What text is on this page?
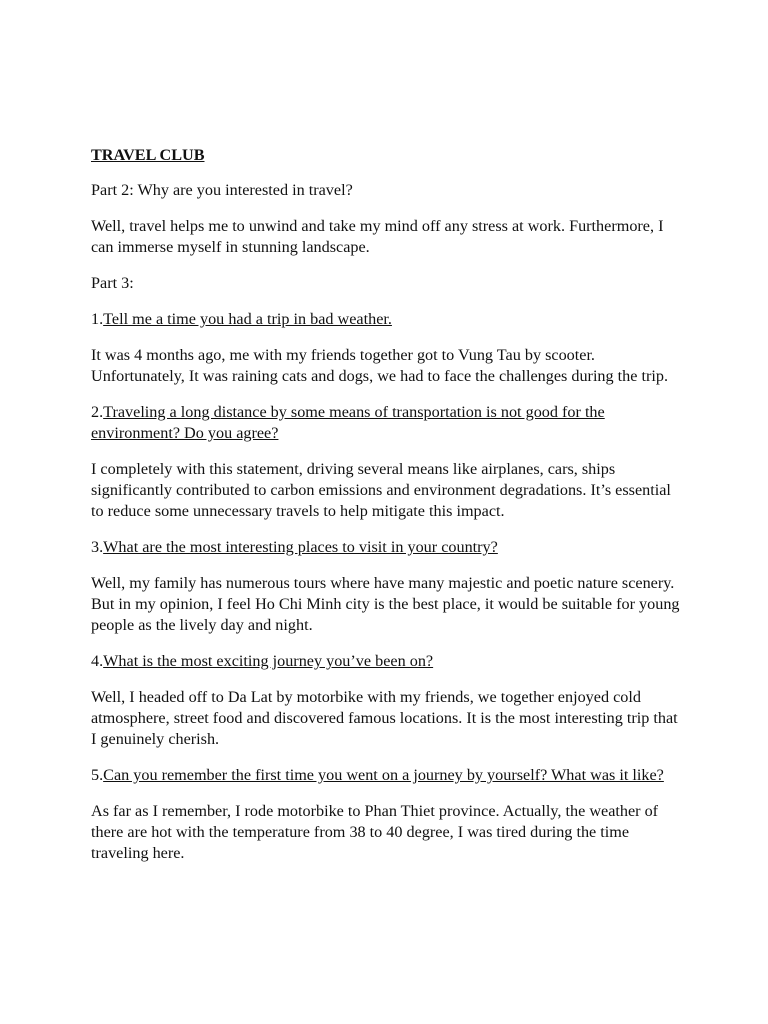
TRAVEL CLUB

Part 2: Why are you interested in travel?

Well, travel helps me to unwind and take my mind off any stress at work. Furthermore, I can immerse myself in stunning landscape.

Part 3:

1.Tell me a time you had a trip in bad weather.

It was 4 months ago, me with my friends together got to Vung Tau by scooter. Unfortunately, It was raining cats and dogs, we had to face the challenges during the trip.

2.Traveling a long distance by some means of transportation is not good for the environment? Do you agree?

I completely with this statement, driving several means like airplanes, cars, ships significantly contributed to carbon emissions and environment degradations. It’s essential to reduce some unnecessary travels to help mitigate this impact.

3.What are the most interesting places to visit in your country?

Well, my family has numerous tours where have many majestic and poetic nature scenery. But in my opinion, I feel Ho Chi Minh city is the best place, it would be suitable for young people as the lively day and night.

4.What is the most exciting journey you’ve been on?

Well, I headed off to Da Lat by motorbike with my friends, we together enjoyed cold atmosphere, street food and discovered famous locations. It is the most interesting trip that I genuinely cherish.

5.Can you remember the first time you went on a journey by yourself? What was it like?

As far as I remember, I rode motorbike to Phan Thiet province. Actually, the weather of there are hot with the temperature from 38 to 40 degree, I was tired during the time traveling here.
